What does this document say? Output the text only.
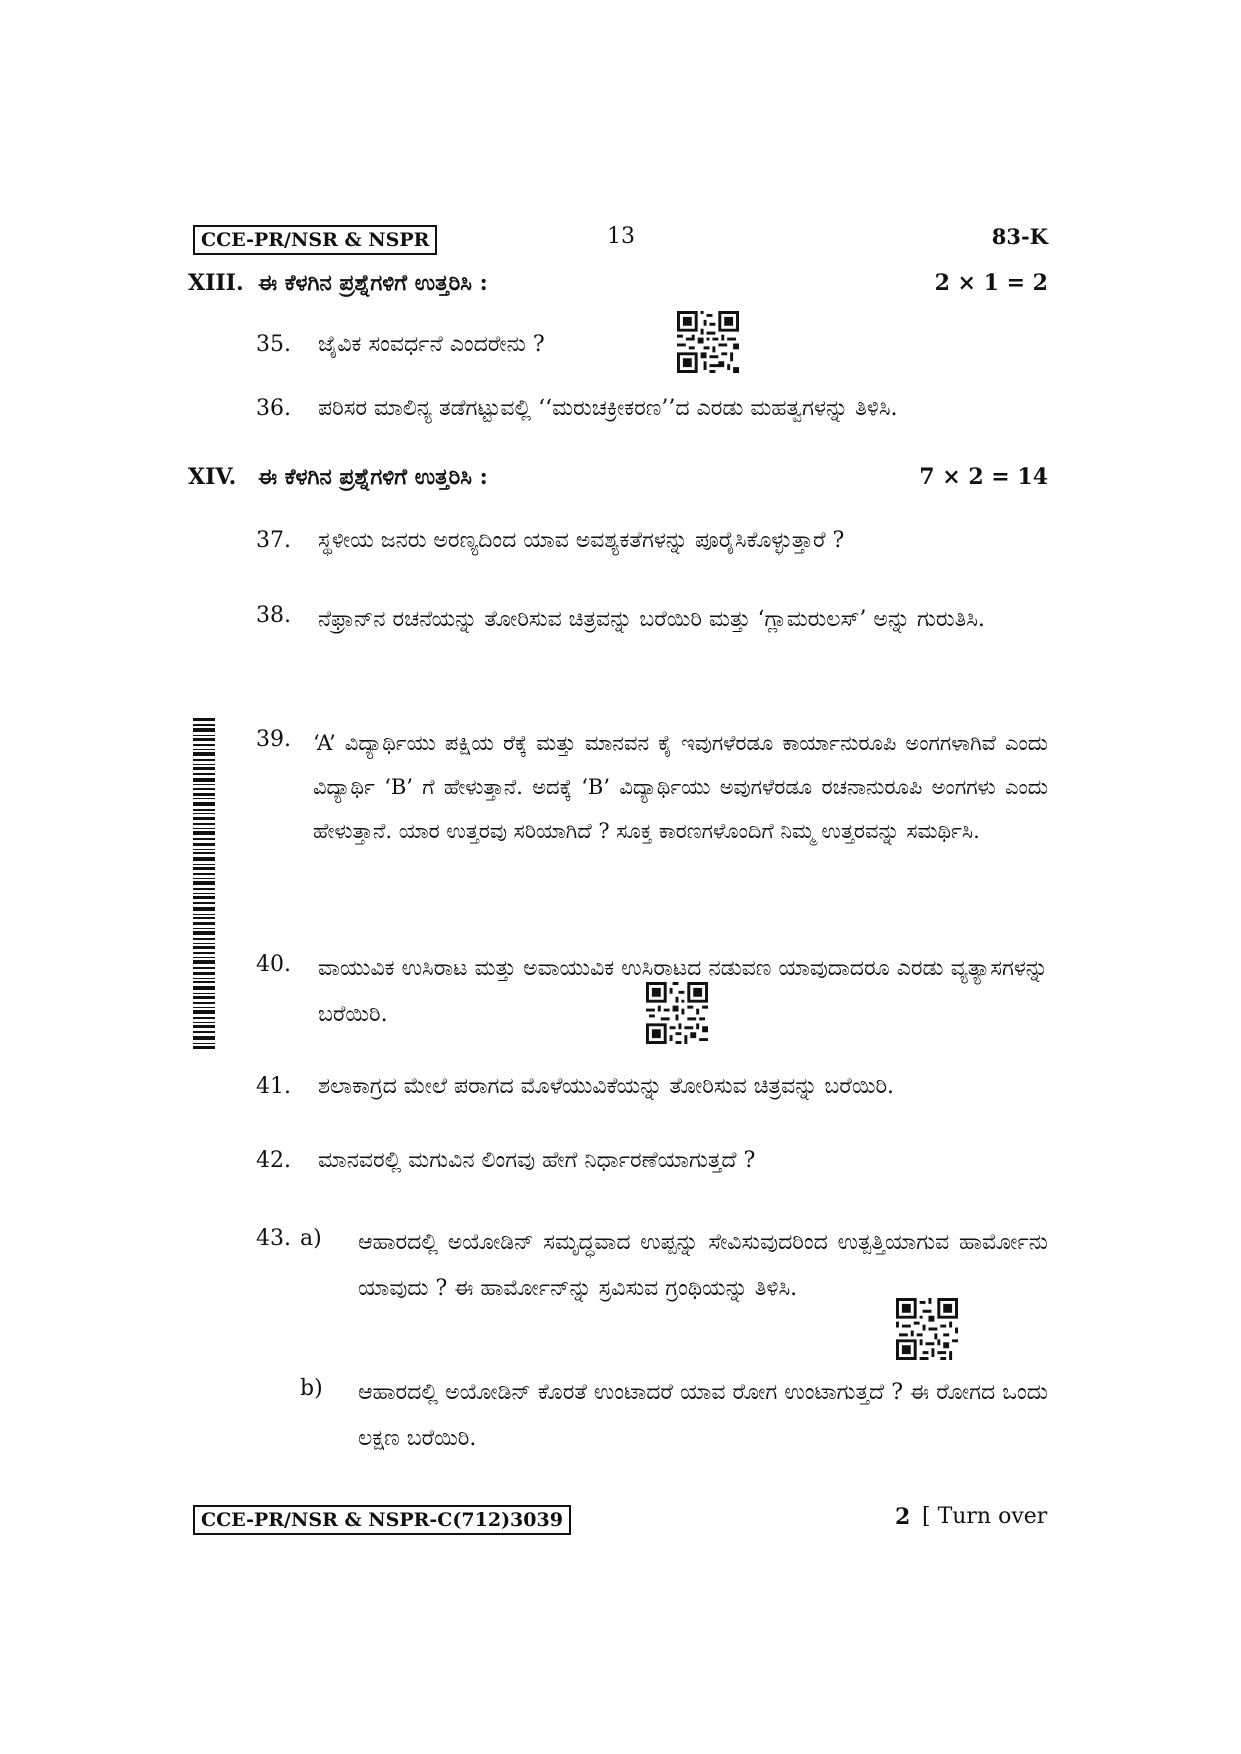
CCE-PR/NSR & NSPR	13	83-K
XIII. ಈ ಕೆಳಗಿನ ಪ್ರಶ್ನೆಗಳಿಗೆ ಉತ್ತರಿಸಿ :	2 × 1 = 2
35. ಜೈವಿಕ ಸಂವರ್ಧನೆ ಎಂದರೇನು ?
36. ಪರಿಸರ ಮಾಲಿನ್ಯ ತಡೆಗಟ್ಟುವಲ್ಲಿ ‘‘ಮರುಚಕ್ರೀಕರಣ’’ದ ಎರಡು ಮಹತ್ವಗಳನ್ನು ತಿಳಿಸಿ.
XIV. ಈ ಕೆಳಗಿನ ಪ್ರಶ್ನೆಗಳಿಗೆ ಉತ್ತರಿಸಿ :	7 × 2 = 14
37. ಸ್ಥಳೀಯ ಜನರು ಅರಣ್ಯದಿಂದ ಯಾವ ಅವಶ್ಯಕತೆಗಳನ್ನು ಪೂರೈಸಿಕೊಳ್ಳುತ್ತಾರೆ ?
38. ನೆಫ್ರಾನ್‌ನ ರಚನೆಯನ್ನು ತೋರಿಸುವ ಚಿತ್ರವನ್ನು ಬರೆಯಿರಿ ಮತ್ತು ‘ಗ್ಲಾಮರುಲಸ್’ ಅನ್ನು ಗುರುತಿಸಿ.
39. ‘A’ ವಿದ್ಯಾರ್ಥಿಯು ಪಕ್ಷಿಯ ರೆಕ್ಕೆ ಮತ್ತು ಮಾನವನ ಕೈ ಇವುಗಳೆರಡೂ ಕಾರ್ಯಾನುರೂಪಿ ಅಂಗಗಳಾಗಿವೆ ಎಂದು ವಿದ್ಯಾರ್ಥಿ ‘B’ ಗೆ ಹೇಳುತ್ತಾನೆ. ಅದಕ್ಕೆ ‘B’ ವಿದ್ಯಾರ್ಥಿಯು ಅವುಗಳೆರಡೂ ರಚನಾನುರೂಪಿ ಅಂಗಗಳು ಎಂದು ಹೇಳುತ್ತಾನೆ. ಯಾರ ಉತ್ತರವು ಸರಿಯಾಗಿದೆ ? ಸೂಕ್ತ ಕಾರಣಗಳೊಂದಿಗೆ ನಿಮ್ಮ ಉತ್ತರವನ್ನು ಸಮರ್ಥಿಸಿ.
40. ವಾಯುವಿಕ ಉಸಿರಾಟ ಮತ್ತು ಅವಾಯುವಿಕ ಉಸಿರಾಟದ ನಡುವಣ ಯಾವುದಾದರೂ ಎರಡು ವ್ಯತ್ಯಾಸಗಳನ್ನು ಬರೆಯಿರಿ.
41. ಶಲಾಕಾಗ್ರದ ಮೇಲೆ ಪರಾಗದ ಮೊಳೆಯುವಿಕೆಯನ್ನು ತೋರಿಸುವ ಚಿತ್ರವನ್ನು ಬರೆಯಿರಿ.
42. ಮಾನವರಲ್ಲಿ ಮಗುವಿನ ಲಿಂಗವು ಹೇಗೆ ನಿರ್ಧಾರಣೆಯಾಗುತ್ತದೆ ?
43. a) ಆಹಾರದಲ್ಲಿ ಅಯೋಡಿನ್ ಸಮೃದ್ಧವಾದ ಉಪ್ಪನ್ನು ಸೇವಿಸುವುದರಿಂದ ಉತ್ಪತ್ತಿಯಾಗುವ ಹಾರ್ಮೋನು ಯಾವುದು ? ಈ ಹಾರ್ಮೋನ್‌ನ್ನು ಸ್ರವಿಸುವ ಗ್ರಂಥಿಯನ್ನು ತಿಳಿಸಿ.
b) ಆಹಾರದಲ್ಲಿ ಅಯೋಡಿನ್ ಕೊರತೆ ಉಂಟಾದರೆ ಯಾವ ರೋಗ ಉಂಟಾಗುತ್ತದೆ ? ಈ ರೋಗದ ಒಂದು ಲಕ್ಷಣ ಬರೆಯಿರಿ.
CCE-PR/NSR & NSPR-C(712)3039	2 [ Turn over
